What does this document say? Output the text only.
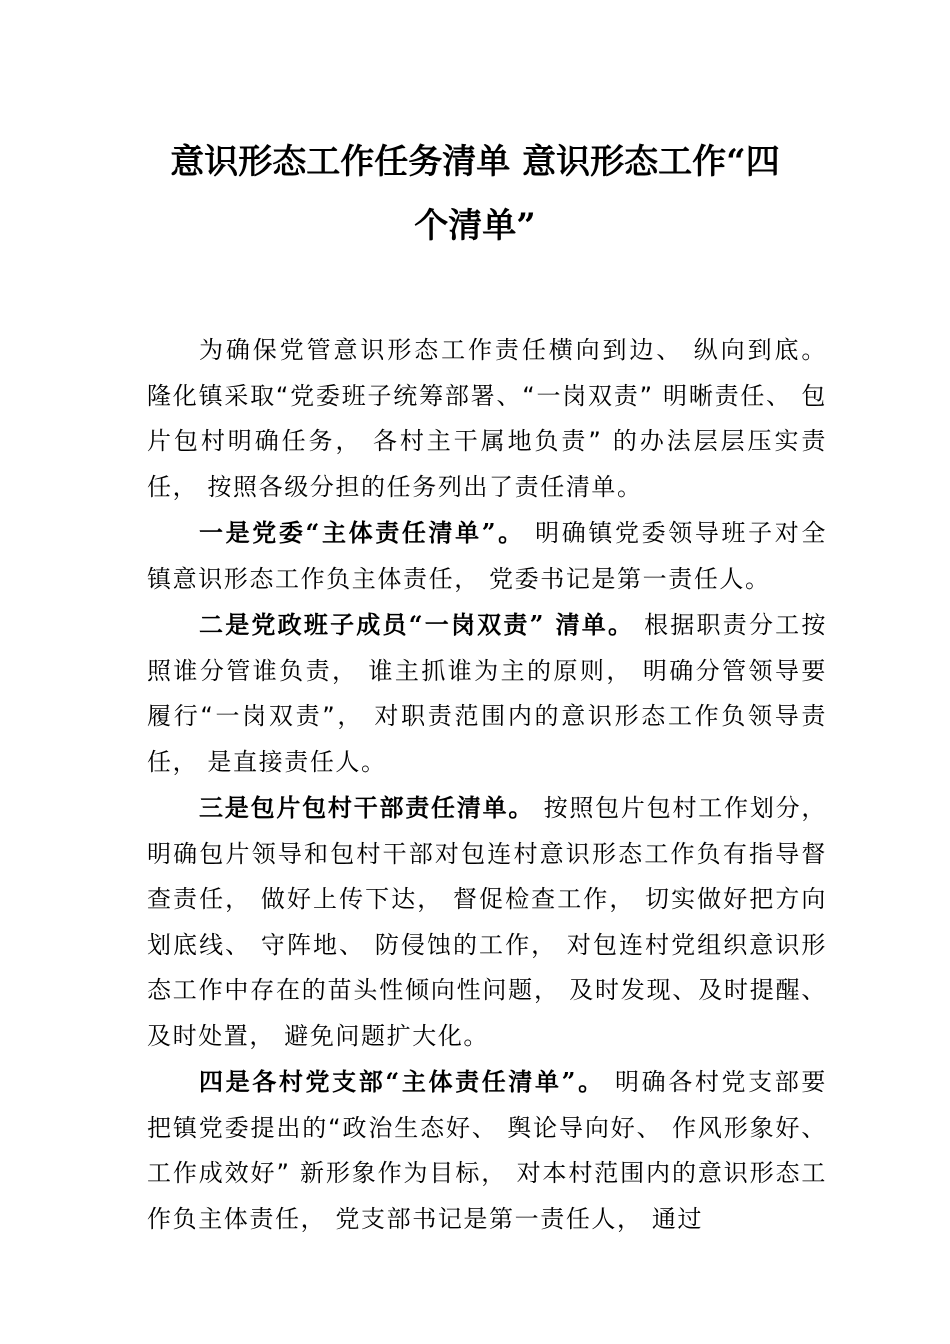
意识形态工作任务清单 意识形态工作“四
个清单”

为确保党管意识形态工作责任横向到边、 纵向到底。 隆化镇采取“党委班子统筹部署、“一岗双责” 明晰责任、 包片包村明确任务， 各村主干属地负责” 的办法层层压实责任， 按照各级分担的任务列出了责任清单。

一是党委“主体责任清单”。 明确镇党委领导班子对全镇意识形态工作负主体责任， 党委书记是第一责任人。

二是党政班子成员“一岗双责” 清单。 根据职责分工按照谁分管谁负责， 谁主抓谁为主的原则， 明确分管领导要履行“一岗双责”， 对职责范围内的意识形态工作负领导责任， 是直接责任人。

三是包片包村干部责任清单。 按照包片包村工作划分， 明确包片领导和包村干部对包连村意识形态工作负有指导督查责任， 做好上传下达， 督促检查工作， 切实做好把方向划底线、 守阵地、 防侵蚀的工作， 对包连村党组织意识形态工作中存在的苗头性倾向性问题， 及时发现、及时提醒、 及时处置， 避免问题扩大化。

四是各村党支部“主体责任清单”。 明确各村党支部要把镇党委提出的“政治生态好、 舆论导向好、 作风形象好、 工作成效好” 新形象作为目标， 对本村范围内的意识形态工作负主体责任， 党支部书记是第一责任人， 通过
